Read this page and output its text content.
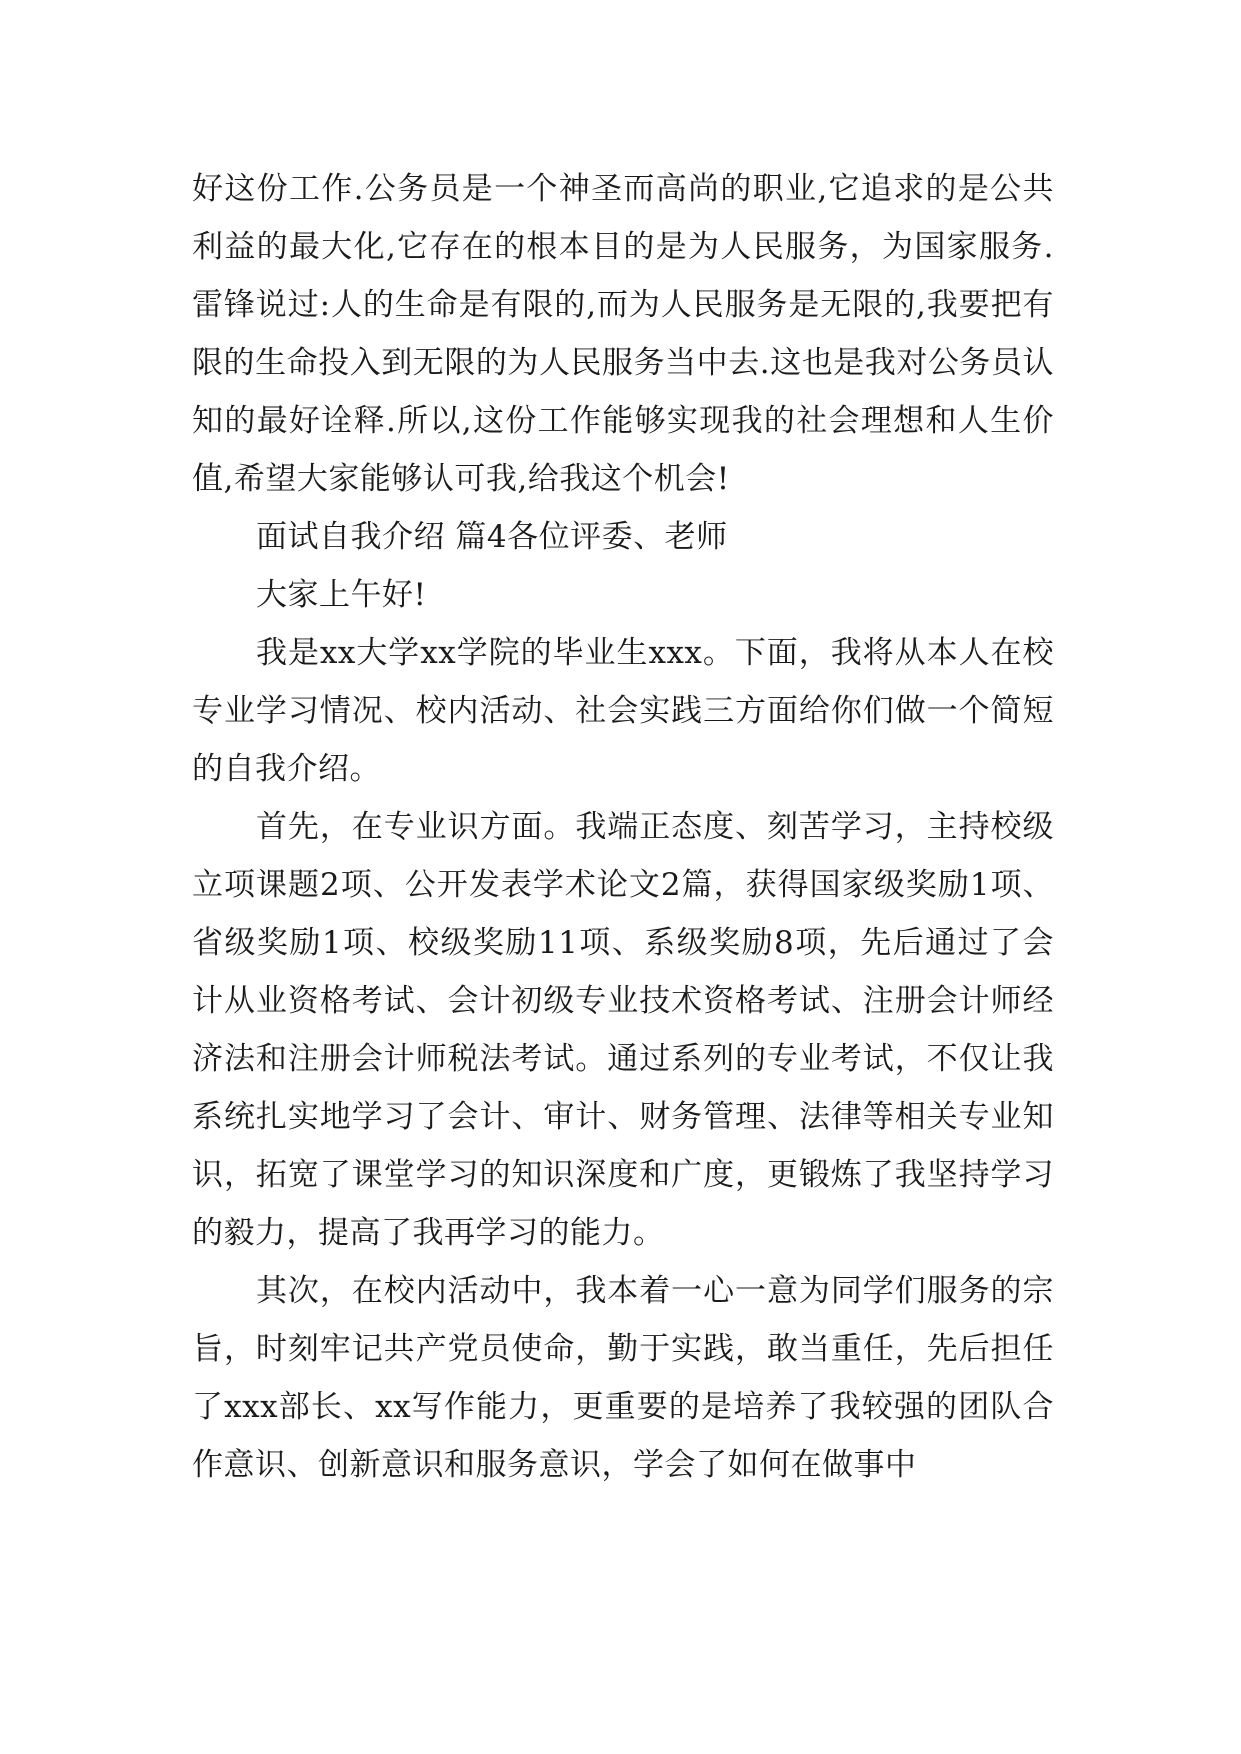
好这份工作.公务员是一个神圣而高尚的职业,它追求的是公共利益的最大化,它存在的根本目的是为人民服务，为国家服务.雷锋说过:人的生命是有限的,而为人民服务是无限的,我要把有限的生命投入到无限的为人民服务当中去.这也是我对公务员认知的最好诠释.所以,这份工作能够实现我的社会理想和人生价值,希望大家能够认可我,给我这个机会!

面试自我介绍 篇4各位评委、老师

大家上午好!

我是xx大学xx学院的毕业生xxx。下面，我将从本人在校专业学习情况、校内活动、社会实践三方面给你们做一个简短的自我介绍。

首先，在专业识方面。我端正态度、刻苦学习，主持校级立项课题2项、公开发表学术论文2篇，获得国家级奖励1项、省级奖励1项、校级奖励11项、系级奖励8项，先后通过了会计从业资格考试、会计初级专业技术资格考试、注册会计师经济法和注册会计师税法考试。通过系列的专业考试，不仅让我系统扎实地学习了会计、审计、财务管理、法律等相关专业知识，拓宽了课堂学习的知识深度和广度，更锻炼了我坚持学习的毅力，提高了我再学习的能力。

其次，在校内活动中，我本着一心一意为同学们服务的宗旨，时刻牢记共产党员使命，勤于实践，敢当重任，先后担任了xxx部长、xx写作能力，更重要的是培养了我较强的团队合作意识、创新意识和服务意识，学会了如何在做事中
